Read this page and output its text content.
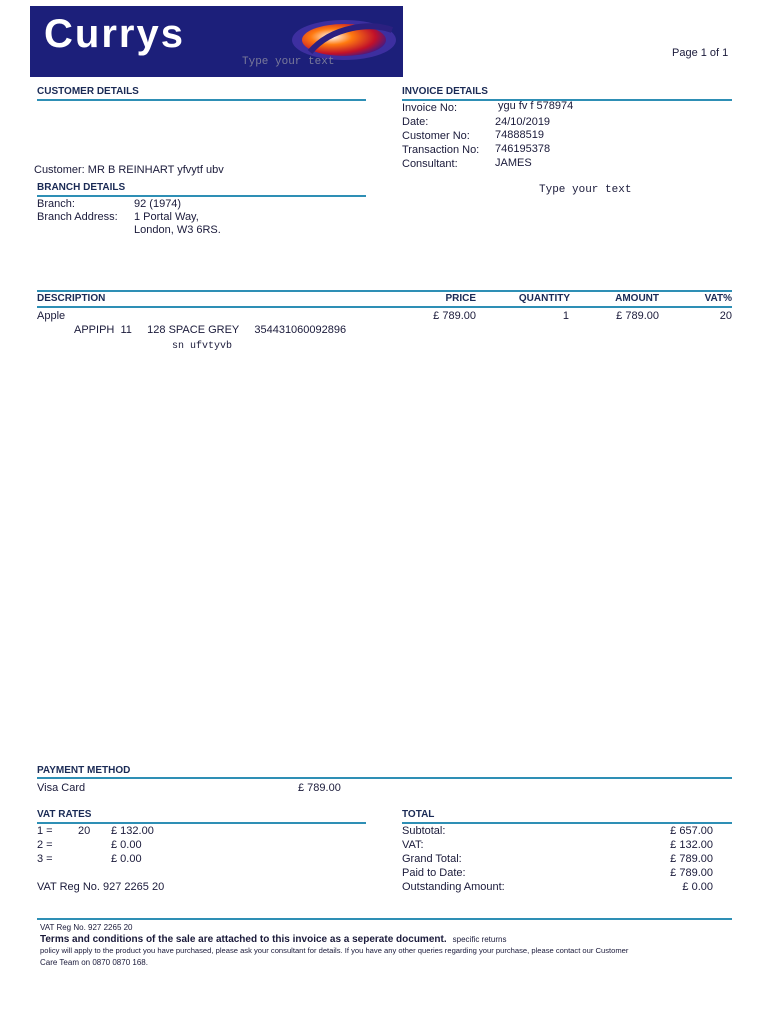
Currys
Type your text
Page 1 of 1
CUSTOMER DETAILS
Customer: MR B REINHART yfvytf ubv
INVOICE DETAILS
Invoice No:	ygu fv f 578974
Date:	24/10/2019
Customer No: 74888519
Transaction No: 746195378
Consultant:	JAMES
Type your text
BRANCH DETAILS
Branch:	92 (1974)
Branch Address: 1 Portal Way,
London, W3 6RS.
DESCRIPTION	PRICE	QUANTITY	AMOUNT	VAT%
Apple	£ 789.00	1	£ 789.00	20
APPIPH  11     128 SPACE GREY     354431060092896
sn ufvtyvb
PAYMENT METHOD
Visa Card	£ 789.00
VAT RATES
1 = 20 £ 132.00
2 =	£ 0.00
3 =	£ 0.00
VAT Reg No. 927 2265 20
TOTAL
Subtotal:	£ 657.00
VAT:	£ 132.00
Grand Total:	£ 789.00
Paid to Date:	£ 789.00
Outstanding Amount:	£ 0.00
VAT Reg No. 927 2265 20
Terms and conditions of the sale are attached to this invoice as a seperate document. specific returns
policy will apply to the product you have purchased, please ask your consultant for details. If you have any other queries regarding your purchase, please contact our Customer
Care Team on 0870 0870 168.
